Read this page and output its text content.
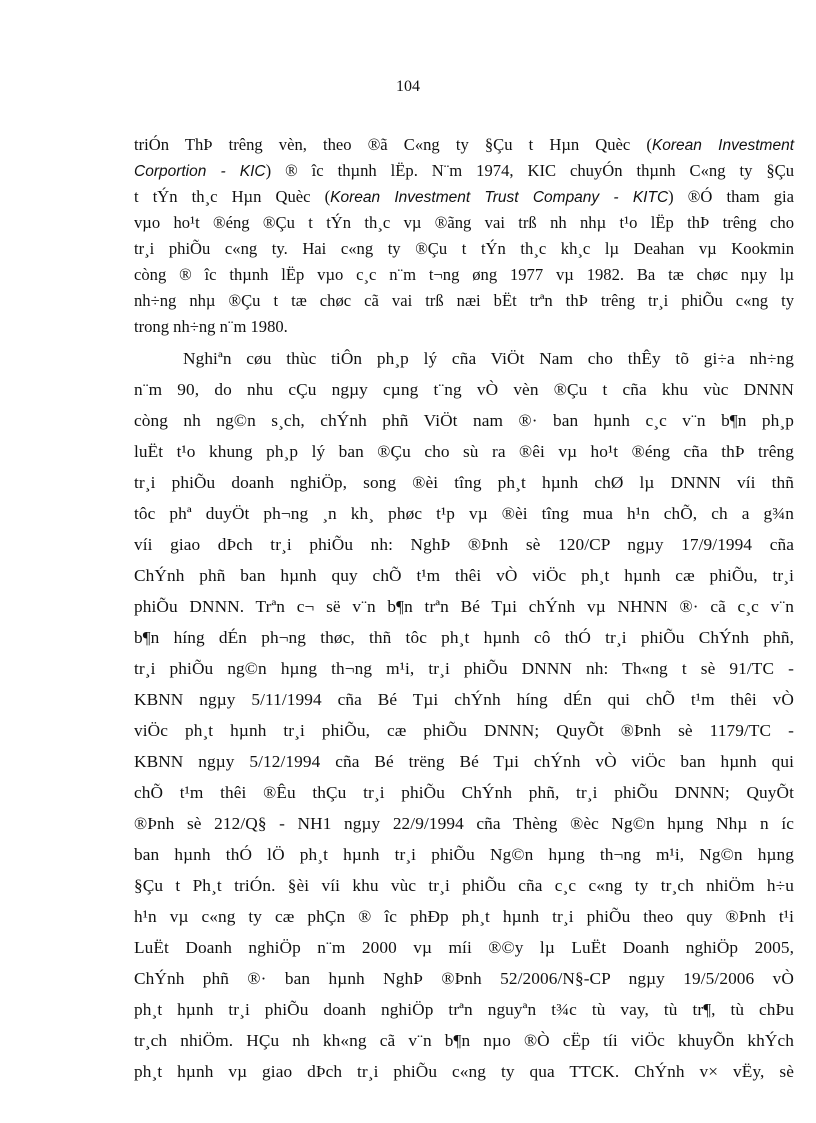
104
triÓn ThÞ trêng vèn, theo ®ã C«ng ty §Çu t Hµn Quèc (Korean Investment
Corportion - KIC) ® îc thµnh lËp. N¨m 1974, KIC chuyÓn thµnh C«ng ty §Çu
t tÝn th¸c Hµn Quèc (Korean Investment Trust Company - KITC) ®Ó tham gia
vµo ho¹t ®éng ®Çu t tÝn th¸c vµ ®ãng vai trß nh nhµ t¹o lËp thÞ trêng cho
tr¸i phiÕu c«ng ty. Hai c«ng ty ®Çu t tÝn th¸c kh¸c lµ Deahan vµ Kookmin
còng ® îc thµnh lËp vµo c¸c n¨m t¬ng øng 1977 vµ 1982. Ba tæ chøc nµy lµ
nh÷ng nhµ ®Çu t tæ chøc cã vai trß næi bËt trªn thÞ trêng tr¸i phiÕu c«ng ty
trong nh÷ng n¨m 1980.
Nghiªn cøu thùc tiÔn ph¸p lý cña ViÖt Nam cho thÊy tõ gi÷a nh÷ng
n¨m 90, do nhu cÇu ngµy cµng t¨ng vÒ vèn ®Çu t cña khu vùc DNNN
còng nh ng©n s¸ch, chÝnh phñ ViÖt nam ®· ban hµnh c¸c v¨n b¶n ph¸p
luËt t¹o khung ph¸p lý ban ®Çu cho sù ra ®êi vµ ho¹t ®éng cña thÞ trêng
tr¸i phiÕu doanh nghiÖp, song ®èi tîng ph¸t hµnh chØ lµ DNNN víi thñ
tôc phª duyÖt ph¬ng ¸n kh¸ phøc t¹p vµ ®èi tîng mua h¹n chÕ, ch a g¾n
víi giao dÞch tr¸i phiÕu nh: NghÞ ®Þnh sè 120/CP ngµy 17/9/1994 cña
ChÝnh phñ ban hµnh quy chÕ t¹m thêi vÒ viÖc ph¸t hµnh cæ phiÕu, tr¸i
phiÕu DNNN. Trªn c¬ së v¨n b¶n trªn Bé Tµi chÝnh vµ NHNN ®· cã c¸c v¨n
b¶n híng dÉn ph¬ng thøc, thñ tôc ph¸t hµnh cô thÓ tr¸i phiÕu ChÝnh phñ,
tr¸i phiÕu ng©n hµng th¬ng m¹i, tr¸i phiÕu DNNN nh: Th«ng t sè 91/TC -
KBNN ngµy 5/11/1994 cña Bé Tµi chÝnh híng dÉn qui chÕ t¹m thêi vÒ
viÖc ph¸t hµnh tr¸i phiÕu, cæ phiÕu DNNN; QuyÕt ®Þnh sè 1179/TC -
KBNN ngµy 5/12/1994 cña Bé trëng Bé Tµi chÝnh vÒ viÖc ban hµnh qui
chÕ t¹m thêi ®Êu thÇu tr¸i phiÕu ChÝnh phñ, tr¸i phiÕu DNNN; QuyÕt
®Þnh sè 212/Q§ - NH1 ngµy 22/9/1994 cña Thèng ®èc Ng©n hµng Nhµ n íc
ban hµnh thÓ lÖ ph¸t hµnh tr¸i phiÕu Ng©n hµng th¬ng m¹i, Ng©n hµng
§Çu t Ph¸t triÓn. §èi víi khu vùc tr¸i phiÕu cña c¸c c«ng ty tr¸ch nhiÖm h÷u
h¹n vµ c«ng ty cæ phÇn ® îc phÐp ph¸t hµnh tr¸i phiÕu theo quy ®Þnh t¹i
LuËt Doanh nghiÖp n¨m 2000 vµ míi ®©y lµ LuËt Doanh nghiÖp 2005,
ChÝnh phñ ®· ban hµnh NghÞ ®Þnh 52/2006/N§-CP ngµy 19/5/2006 vÒ
ph¸t hµnh tr¸i phiÕu doanh nghiÖp trªn nguyªn t¾c tù vay, tù tr¶, tù chÞu
tr¸ch nhiÖm. HÇu nh kh«ng cã v¨n b¶n nµo ®Ò cËp tíi viÖc khuyÕn khÝch
ph¸t hµnh vµ giao dÞch tr¸i phiÕu c«ng ty qua TTCK. ChÝnh v× vËy, sè
